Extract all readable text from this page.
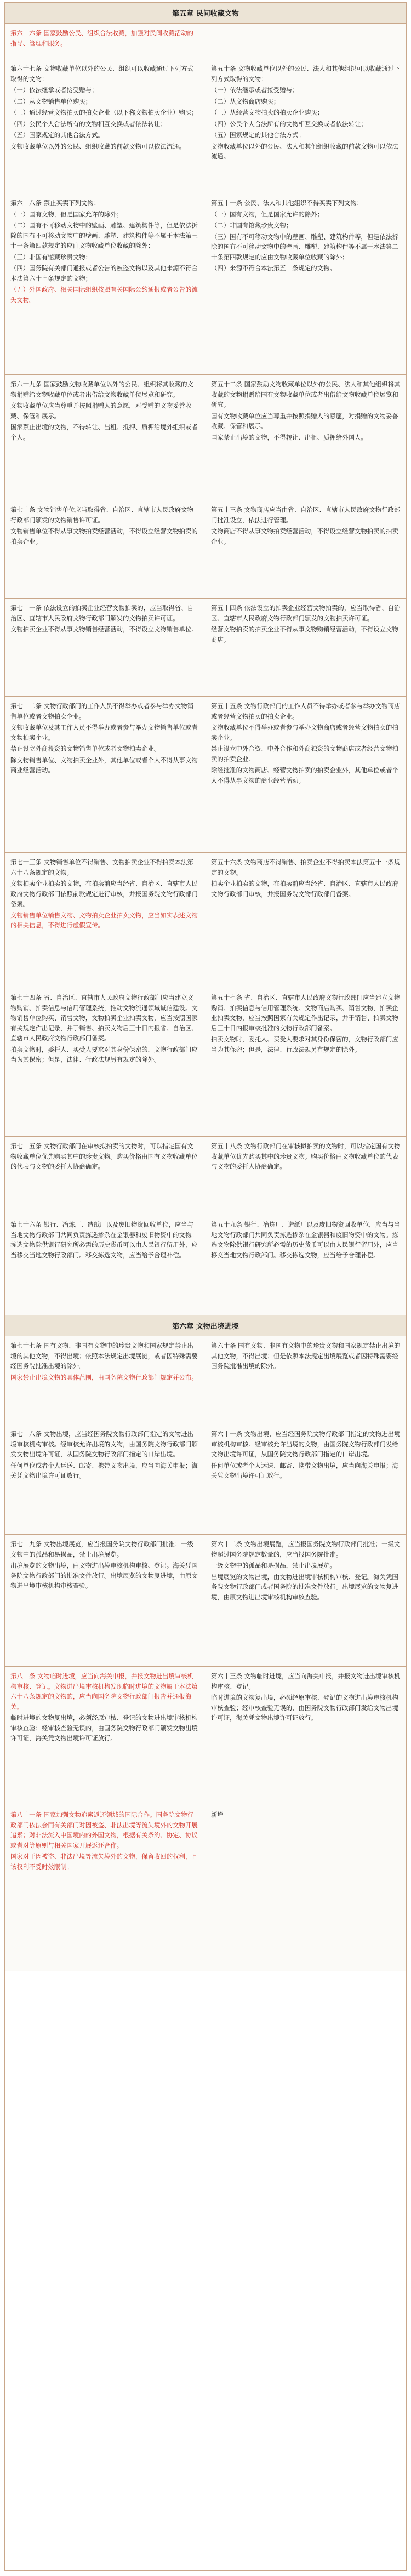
第五章 民间收藏文物

第六十六条 国家鼓励公民、组织合法收藏，加强对民间收藏活动的指导、管理和服务。

第六十七条 文物收藏单位以外的公民、组织可以收藏通过下列方式取得的文物：

（一）依法继承或者接受赠与；

（二）从文物销售单位购买；

（三）通过经营文物拍卖的拍卖企业（以下称文物拍卖企业）购买；

（四）公民个人合法所有的文物相互交换或者依法转让；

（五）国家规定的其他合法方式。

文物收藏单位以外的公民、组织收藏的前款文物可以依法流通。

第五十条 文物收藏单位以外的公民、法人和其他组织可以收藏通过下列方式取得的文物：

（一）依法继承或者接受赠与；

（二）从文物商店购买；

（三）从经营文物拍卖的拍卖企业购买；

（四）公民个人合法所有的文物相互交换或者依法转让；

（五）国家规定的其他合法方式。

文物收藏单位以外的公民、法人和其他组织收藏的前款文物可以依法流通。

第六十八条 禁止买卖下列文物：

（一）国有文物，但是国家允许的除外；

（二）国有不可移动文物中的壁画、雕塑、建筑构件等，但是依法拆除的国有不可移动文物中的壁画、雕塑、建筑构件等不属于本法第三十一条第四款规定的应由文物收藏单位收藏的除外；

（三）非国有馆藏珍贵文物；

（四）国务院有关部门通报或者公告的被盗文物以及其他来源不符合本法第六十七条规定的文物；

（五）外国政府、相关国际组织按照有关国际公约通报或者公告的流失文物。

第五十一条 公民、法人和其他组织不得买卖下列文物：

（一）国有文物，但是国家允许的除外；

（二）非国有馆藏珍贵文物；

（三）国有不可移动文物中的壁画、雕塑、建筑构件等，但是依法拆除的国有不可移动文物中的壁画、雕塑、建筑构件等不属于本法第二十条第四款规定的应由文物收藏单位收藏的除外；

（四）来源不符合本法第五十条规定的文物。

第六十九条 国家鼓励文物收藏单位以外的公民、组织将其收藏的文物捐赠给文物收藏单位或者出借给文物收藏单位展览和研究。

文物收藏单位应当尊重并按照捐赠人的意愿，对受赠的文物妥善收藏、保管和展示。

国家禁止出境的文物，不得转让、出租、抵押、质押给境外组织或者个人。

第五十二条 国家鼓励文物收藏单位以外的公民、法人和其他组织将其收藏的文物捐赠给国有文物收藏单位或者出借给文物收藏单位展览和研究。

国有文物收藏单位应当尊重并按照捐赠人的意愿，对捐赠的文物妥善收藏、保管和展示。

国家禁止出境的文物，不得转让、出租、质押给外国人。

第七十条 文物销售单位应当取得省、自治区、直辖市人民政府文物行政部门颁发的文物销售许可证。

文物销售单位不得从事文物拍卖经营活动，不得设立经营文物拍卖的拍卖企业。

第五十三条 文物商店应当由省、自治区、直辖市人民政府文物行政部门批准设立，依法进行管理。

文物商店不得从事文物拍卖经营活动，不得设立经营文物拍卖的拍卖企业。

第七十一条 依法设立的拍卖企业经营文物拍卖的，应当取得省、自治区、直辖市人民政府文物行政部门颁发的文物拍卖许可证。

文物拍卖企业不得从事文物销售经营活动，不得设立文物销售单位。

第五十四条 依法设立的拍卖企业经营文物拍卖的，应当取得省、自治区、直辖市人民政府文物行政部门颁发的文物拍卖许可证。

经营文物拍卖的拍卖企业不得从事文物购销经营活动，不得设立文物商店。

第七十二条 文物行政部门的工作人员不得举办或者参与举办文物销售单位或者文物拍卖企业。

文物收藏单位及其工作人员不得举办或者参与举办文物销售单位或者文物拍卖企业。

禁止设立外商投资的文物销售单位或者文物拍卖企业。

除文物销售单位、文物拍卖企业外，其他单位或者个人不得从事文物商业经营活动。

第五十五条 文物行政部门的工作人员不得举办或者参与举办文物商店或者经营文物拍卖的拍卖企业。

文物收藏单位不得举办或者参与举办文物商店或者经营文物拍卖的拍卖企业。

禁止设立中外合资、中外合作和外商独资的文物商店或者经营文物拍卖的拍卖企业。

除经批准的文物商店、经营文物拍卖的拍卖企业外，其他单位或者个人不得从事文物的商业经营活动。

第七十三条 文物销售单位不得销售、文物拍卖企业不得拍卖本法第六十八条规定的文物。

文物拍卖企业拍卖的文物，在拍卖前应当经省、自治区、直辖市人民政府文物行政部门依照前款规定进行审核，并报国务院文物行政部门备案。

文物销售单位销售文物、文物拍卖企业拍卖文物，应当如实表述文物的相关信息，不得进行虚假宣传。

第五十六条 文物商店不得销售、拍卖企业不得拍卖本法第五十一条规定的文物。

拍卖企业拍卖的文物，在拍卖前应当经省、自治区、直辖市人民政府文物行政部门审核，并报国务院文物行政部门备案。

第七十四条 省、自治区、直辖市人民政府文物行政部门应当建立文物购销、拍卖信息与信用管理系统，推动文物流通领域诚信建设。文物销售单位购买、销售文物，文物拍卖企业拍卖文物，应当按照国家有关规定作出记录，并于销售、拍卖文物后三十日内报省、自治区、直辖市人民政府文物行政部门备案。

拍卖文物时，委托人、买受人要求对其身份保密的，文物行政部门应当为其保密；但是，法律、行政法规另有规定的除外。

第五十七条 省、自治区、直辖市人民政府文物行政部门应当建立文物购销、拍卖信息与信用管理系统。文物商店购买、销售文物，拍卖企业拍卖文物，应当按照国家有关规定作出记录，并于销售、拍卖文物后三十日内报审核批准的文物行政部门备案。

拍卖文物时，委托人、买受人要求对其身份保密的，文物行政部门应当为其保密；但是，法律、行政法规另有规定的除外。

第七十五条 文物行政部门在审核拟拍卖的文物时，可以指定国有文物收藏单位优先购买其中的珍贵文物。购买价格由国有文物收藏单位的代表与文物的委托人协商确定。

第五十八条 文物行政部门在审核拟拍卖的文物时，可以指定国有文物收藏单位优先购买其中的珍贵文物。购买价格由文物收藏单位的代表与文物的委托人协商确定。

第七十六条 银行、冶炼厂、造纸厂以及废旧物资回收单位，应当与当地文物行政部门共同负责拣选掺杂在金银器和废旧物资中的文物。拣选文物除供银行研究所必需的历史货币可以由人民银行留用外，应当移交当地文物行政部门。移交拣选文物，应当给予合理补偿。

第五十九条 银行、冶炼厂、造纸厂以及废旧物资回收单位，应当与当地文物行政部门共同负责拣选掺杂在金银器和废旧物资中的文物。拣选文物除供银行研究所必需的历史货币可以由人民银行留用外，应当移交当地文物行政部门。移交拣选文物，应当给予合理补偿。

第六章 文物出境进境

第七十七条 国有文物、非国有文物中的珍贵文物和国家规定禁止出境的其他文物，不得出境；依照本法规定出境展览，或者因特殊需要经国务院批准出境的除外。

国家禁止出境文物的具体范围，由国务院文物行政部门规定并公布。

第六十条 国有文物、非国有文物中的珍贵文物和国家规定禁止出境的其他文物，不得出境；但是依照本法规定出境展览或者因特殊需要经国务院批准出境的除外。

第七十八条 文物出境，应当经国务院文物行政部门指定的文物进出境审核机构审核。经审核允许出境的文物，由国务院文物行政部门颁发文物出境许可证，从国务院文物行政部门指定的口岸出境。

任何单位或者个人运送、邮寄、携带文物出境，应当向海关申报；海关凭文物出境许可证放行。

第六十一条 文物出境，应当经国务院文物行政部门指定的文物进出境审核机构审核。经审核允许出境的文物，由国务院文物行政部门发给文物出境许可证，从国务院文物行政部门指定的口岸出境。

任何单位或者个人运送、邮寄、携带文物出境，应当向海关申报；海关凭文物出境许可证放行。

第七十九条 文物出境展览，应当报国务院文物行政部门批准；一级文物中的孤品和易损品，禁止出境展览。

出境展览的文物出境，由文物进出境审核机构审核、登记。海关凭国务院文物行政部门的批准文件放行。出境展览的文物复进境，由原文物进出境审核机构审核查验。

第六十二条 文物出境展览，应当报国务院文物行政部门批准；一级文物超过国务院规定数量的，应当报国务院批准。

一级文物中的孤品和易损品，禁止出境展览。

出境展览的文物出境，由文物进出境审核机构审核、登记。海关凭国务院文物行政部门或者国务院的批准文件放行。出境展览的文物复进境，由原文物进出境审核机构审核查验。

第八十条 文物临时进境，应当向海关申报，并报文物进出境审核机构审核、登记。文物进出境审核机构发现临时进境的文物属于本法第六十八条规定的文物的，应当向国务院文物行政部门报告并通报海关。

临时进境的文物复出境，必须经原审核、登记的文物进出境审核机构审核查验；经审核查验无误的，由国务院文物行政部门颁发文物出境许可证，海关凭文物出境许可证放行。

第六十三条 文物临时进境，应当向海关申报，并报文物进出境审核机构审核、登记。

临时进境的文物复出境，必须经原审核、登记的文物进出境审核机构审核查验；经审核查验无误的，由国务院文物行政部门发给文物出境许可证，海关凭文物出境许可证放行。

第八十一条 国家加强文物追索返还领域的国际合作。国务院文物行政部门依法会同有关部门对因被盗、非法出境等流失境外的文物开展追索；对非法流入中国境内的外国文物，根据有关条约、协定、协议或者对等原则与相关国家开展返还合作。

国家对于因被盗、非法出境等流失境外的文物，保留收回的权利，且该权利不受时效限制。

新增
